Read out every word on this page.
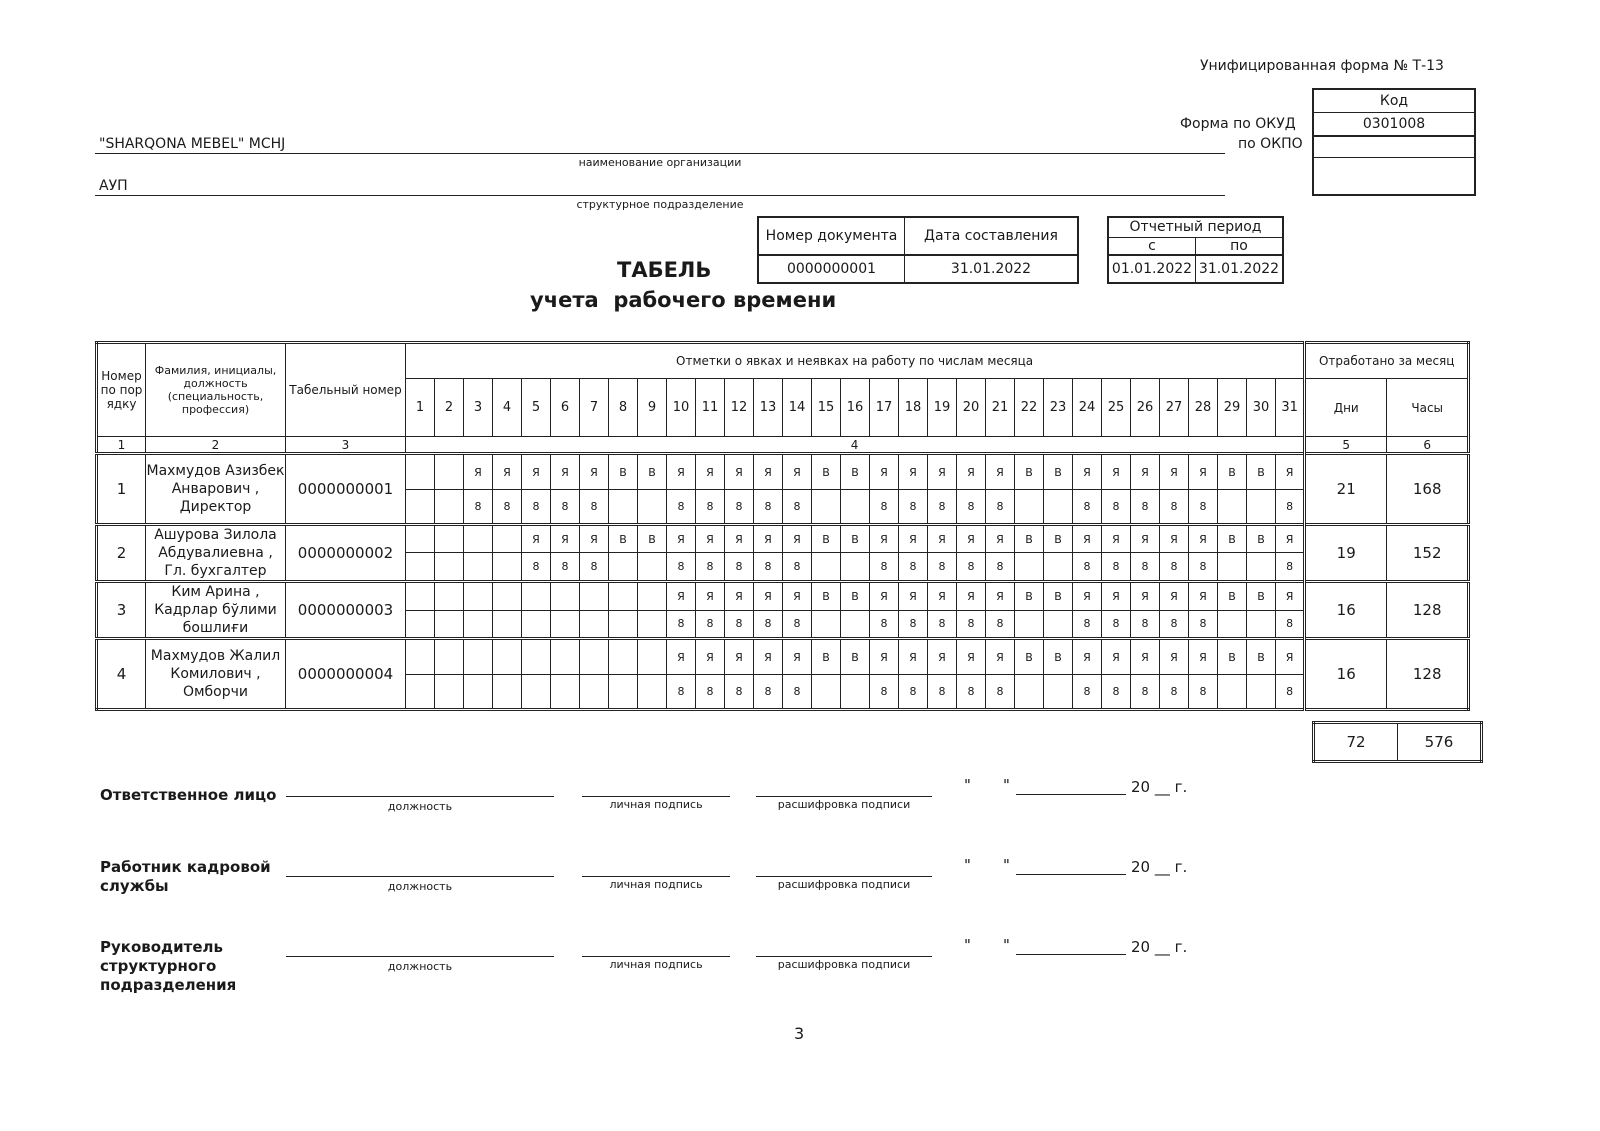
Унифицированная форма № Т-13
Код
0301008
Форма по ОКУД
по ОКПО
"SHARQONA MEBEL" MCHJ
наименование организации
АУП
структурное подразделение
Номер документа	Дата составления
0000000001	31.01.2022
Отчетный период	
с	по
01.01.2022	31.01.2022
ТАБЕЛЬ
учета  рабочего времени
Номер по порядку	Фамилия, инициалы, должность (специальность, профессия)	Табельный номер	Отметки о явках и неявках на работу по числам месяца																															Отработано за месяц	
			1	2	3	4	5	6	7	8	9	10	11	12	13	14	15	16	17	18	19	20	21	22	23	24	25	26	27	28	29	30	31	Дни	Часы
1	2	3	4																															5	6
1	Махмудов Азизбек Анварович , Директор	0000000001			Я	Я	Я	Я	Я	В	В	Я	Я	Я	Я	Я	В	В	Я	Я	Я	Я	Я	В	В	Я	Я	Я	Я	Я	В	В	Я	21	168
					8	8	8	8	8			8	8	8	8	8			8	8	8	8	8			8	8	8	8	8			8		
2	Ашурова Зилола Абдувалиевна , Гл. бухгалтер	0000000002					Я	Я	Я	В	В	Я	Я	Я	Я	Я	В	В	Я	Я	Я	Я	Я	В	В	Я	Я	Я	Я	Я	В	В	Я	19	152
							8	8	8			8	8	8	8	8			8	8	8	8	8			8	8	8	8	8			8		
3	Ким Арина , Кадрлар бўлими бошлиғи	0000000003										Я	Я	Я	Я	Я	В	В	Я	Я	Я	Я	Я	В	В	Я	Я	Я	Я	Я	В	В	Я	16	128
												8	8	8	8	8			8	8	8	8	8			8	8	8	8	8			8		
4	Махмудов Жалил Комилович , Омборчи	0000000004										Я	Я	Я	Я	Я	В	В	Я	Я	Я	Я	Я	В	В	Я	Я	Я	Я	Я	В	В	Я	16	128
												8	8	8	8	8			8	8	8	8	8			8	8	8	8	8			8		
72	576
Ответственное лицо
должность	личная подпись	расшифровка подписи
" "	20 __ г.
Работник кадровой службы	должность	личная подпись	расшифровка подписи
" "	20 __ г.
Руководитель структурного подразделения
должность	личная подпись	расшифровка подписи
" "	20 __ г.
3
